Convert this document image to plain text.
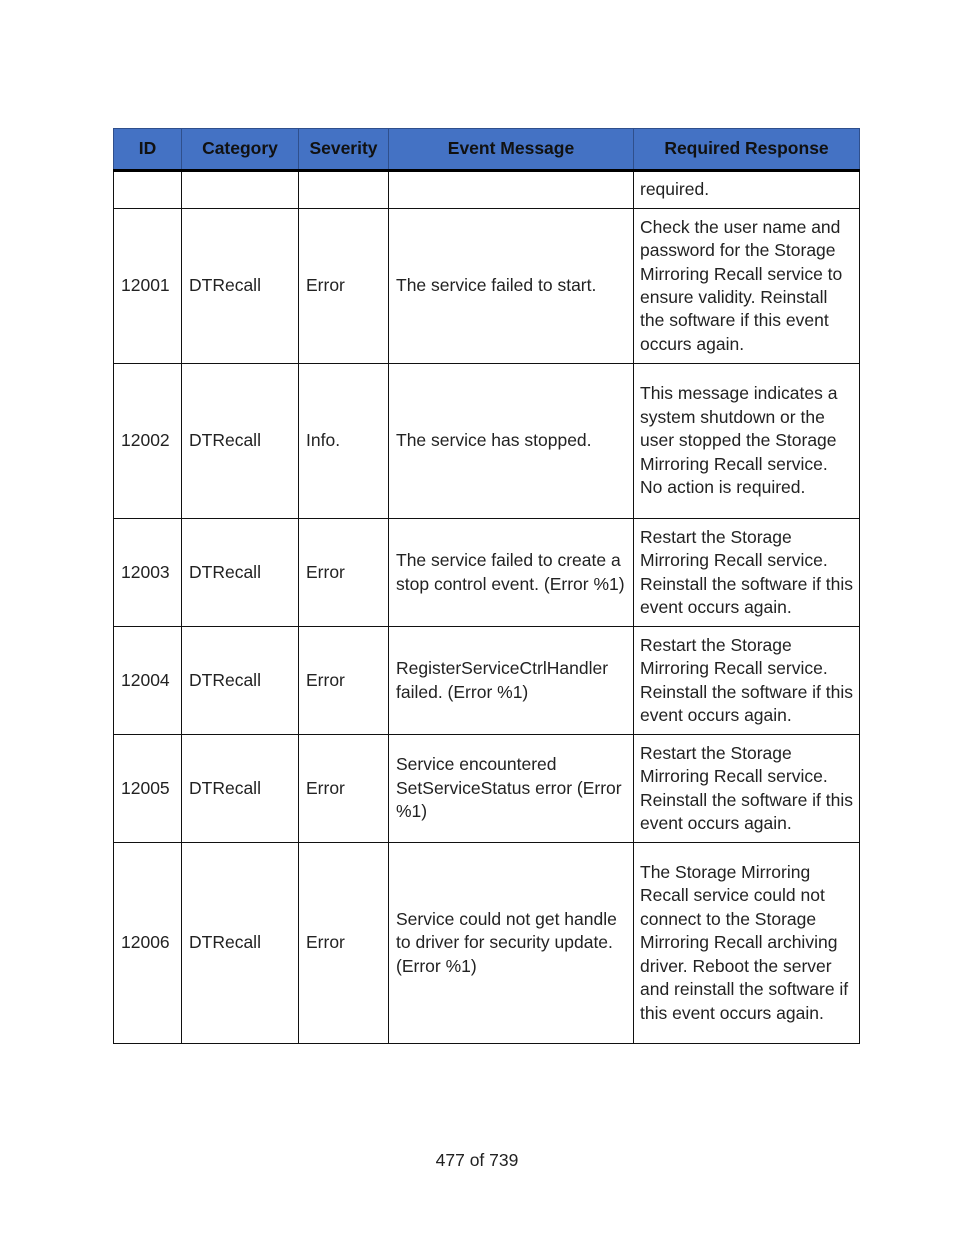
ID	Category	Severity	Event Message	Required Response
				required.
12001	DTRecall	Error	The service failed to start.	Check the user name and password for the Storage Mirroring Recall service to ensure validity. Reinstall the software if this event occurs again.
12002	DTRecall	Info.	The service has stopped.	This message indicates a system shutdown or the user stopped the Storage Mirroring Recall service. No action is required.
12003	DTRecall	Error	The service failed to create a stop control event. (Error %1)	Restart the Storage Mirroring Recall service. Reinstall the software if this event occurs again.
12004	DTRecall	Error	RegisterServiceCtrlHandler failed. (Error %1)	Restart the Storage Mirroring Recall service. Reinstall the software if this event occurs again.
12005	DTRecall	Error	Service encountered SetServiceStatus error (Error %1)	Restart the Storage Mirroring Recall service. Reinstall the software if this event occurs again.
12006	DTRecall	Error	Service could not get handle to driver for security update. (Error %1)	The Storage Mirroring Recall service could not connect to the Storage Mirroring Recall archiving driver. Reboot the server and reinstall the software if this event occurs again.
477 of 739
